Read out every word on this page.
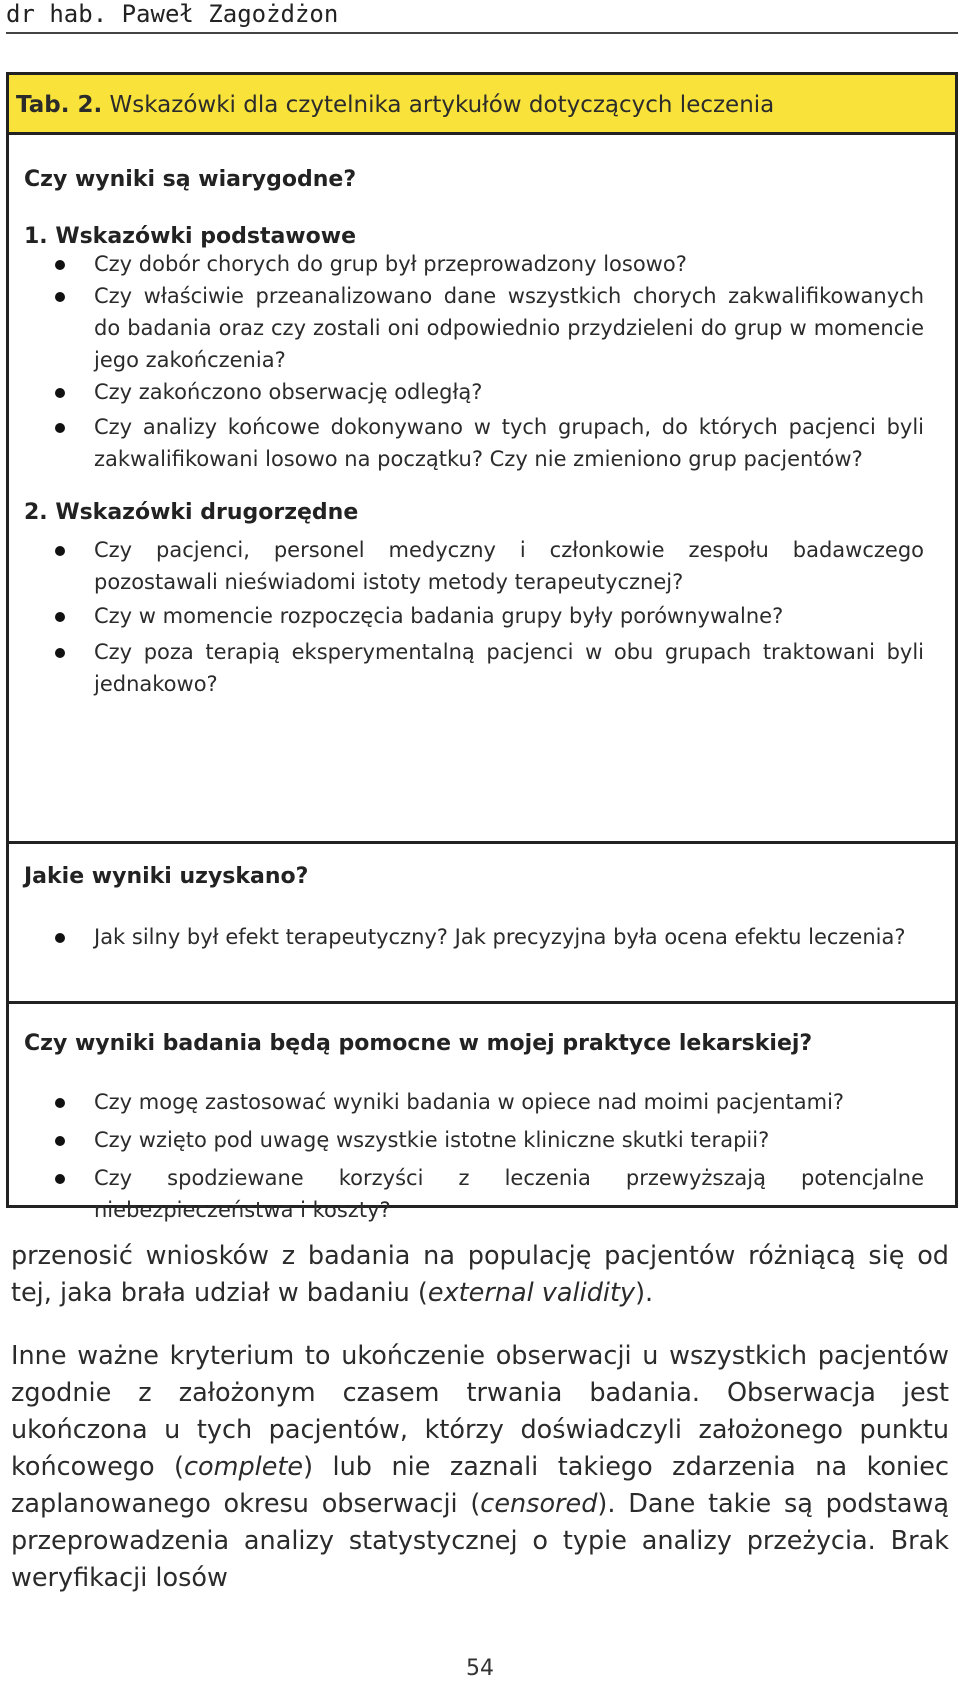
dr hab. Paweł Zagożdżon
Tab. 2. Wskazówki dla czytelnika artykułów dotyczących leczenia
Czy wyniki są wiarygodne?
1. Wskazówki podstawowe
Czy dobór chorych do grup był przeprowadzony losowo?
Czy właściwie przeanalizowano dane wszystkich chorych zakwalifikowanych do badania oraz czy zostali oni odpowiednio przydzieleni do grup w momencie jego zakończenia?
Czy zakończono obserwację odległą?
Czy analizy końcowe dokonywano w tych grupach, do których pacjenci byli zakwalifikowani losowo na początku? Czy nie zmieniono grup pacjentów?
2. Wskazówki drugorzędne
Czy pacjenci, personel medyczny i członkowie zespołu badawczego pozostawali nieświadomi istoty metody terapeutycznej?
Czy w momencie rozpoczęcia badania grupy były porównywalne?
Czy poza terapią eksperymentalną pacjenci w obu grupach traktowani byli jednakowo?
Jakie wyniki uzyskano?
Jak silny był efekt terapeutyczny? Jak precyzyjna była ocena efektu leczenia?
Czy wyniki badania będą pomocne w mojej praktyce lekarskiej?
Czy mogę zastosować wyniki badania w opiece nad moimi pacjentami?
Czy wzięto pod uwagę wszystkie istotne kliniczne skutki terapii?
Czy spodziewane korzyści z leczenia przewyższają potencjalne niebezpieczeństwa i koszty?
przenosić wniosków z badania na populację pacjentów różniącą się od tej, jaka brała udział w badaniu (external validity).
Inne ważne kryterium to ukończenie obserwacji u wszystkich pacjentów zgodnie z założonym czasem trwania badania. Obserwacja jest ukończona u tych pacjentów, którzy doświadczyli założonego punktu końcowego (complete) lub nie zaznali takiego zdarzenia na koniec zaplanowanego okresu obserwacji (censored). Dane takie są podstawą przeprowadzenia analizy statystycznej o typie analizy przeżycia. Brak weryfikacji losów
54
